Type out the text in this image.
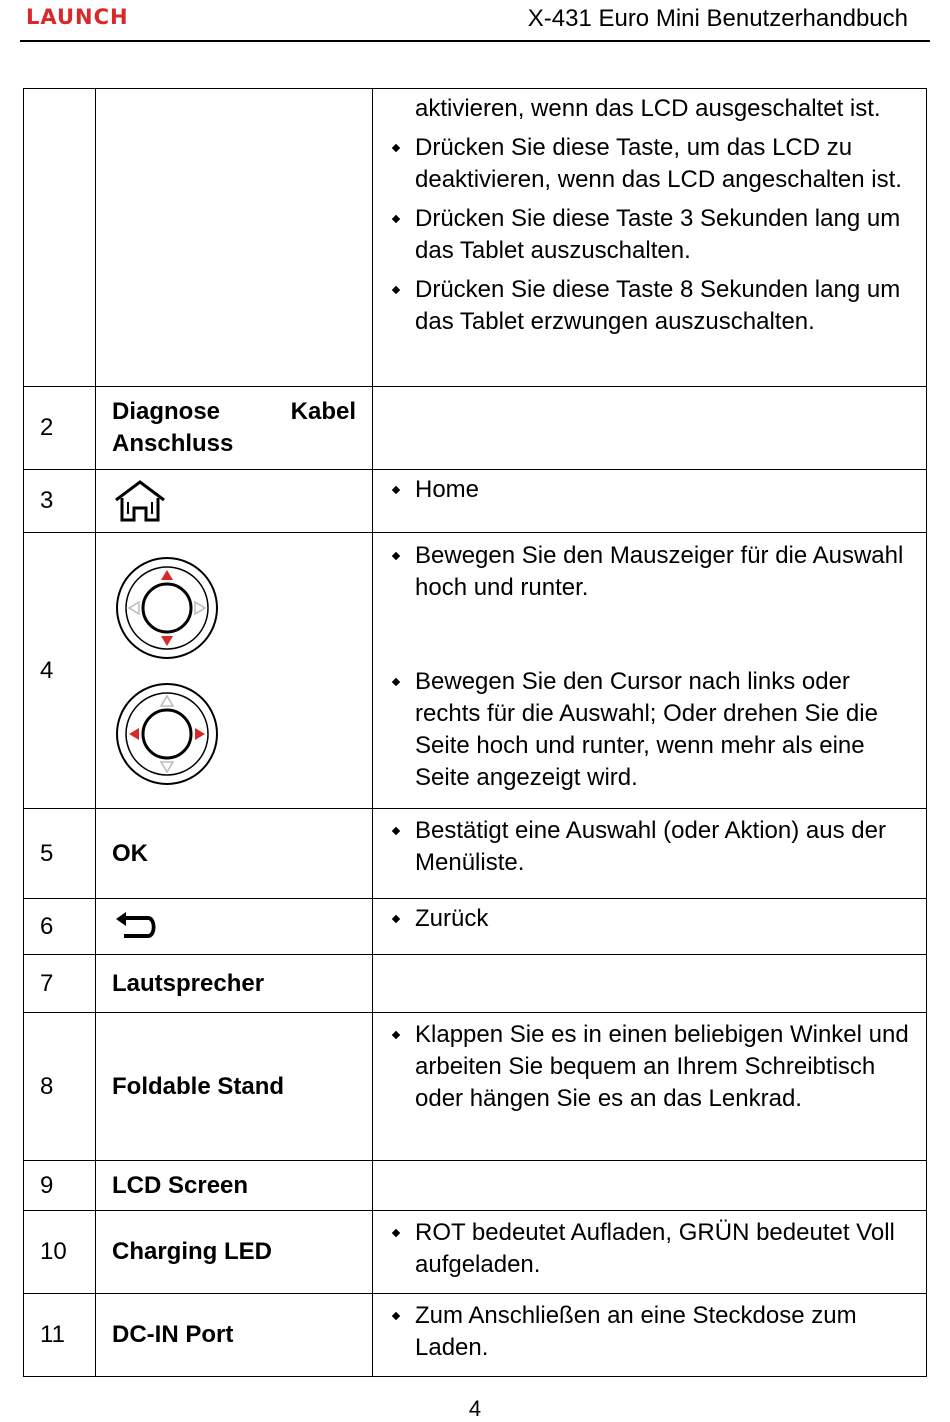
LAUNCH	X-431 Euro Mini Benutzerhandbuch

		aktivieren, wenn das LCD ausgeschaltet ist.
Drücken Sie diese Taste, um das LCD zu deaktivieren, wenn das LCD angeschalten ist.
Drücken Sie diese Taste 3 Sekunden lang um das Tablet auszuschalten.
Drücken Sie diese Taste 8 Sekunden lang um das Tablet erzwungen auszuschalten.

2	Diagnose Kabel
Anschluss	

3		Home

4		Bewegen Sie den Mauszeiger für die Auswahl hoch und runter.
Bewegen Sie den Cursor nach links oder rechts für die Auswahl; Oder drehen Sie die Seite hoch und runter, wenn mehr als eine Seite angezeigt wird.

5	OK	Bestätigt eine Auswahl (oder Aktion) aus der Menüliste.

6		Zurück

7	Lautsprecher	
8	Foldable Stand	Klappen Sie es in einen beliebigen Winkel und arbeiten Sie bequem an Ihrem Schreibtisch oder hängen Sie es an das Lenkrad.

9	LCD Screen	
10	Charging LED	ROT bedeutet Aufladen, GRÜN bedeutet Voll aufgeladen.

11	DC-IN Port	Zum Anschließen an eine Steckdose zum Laden.
4
